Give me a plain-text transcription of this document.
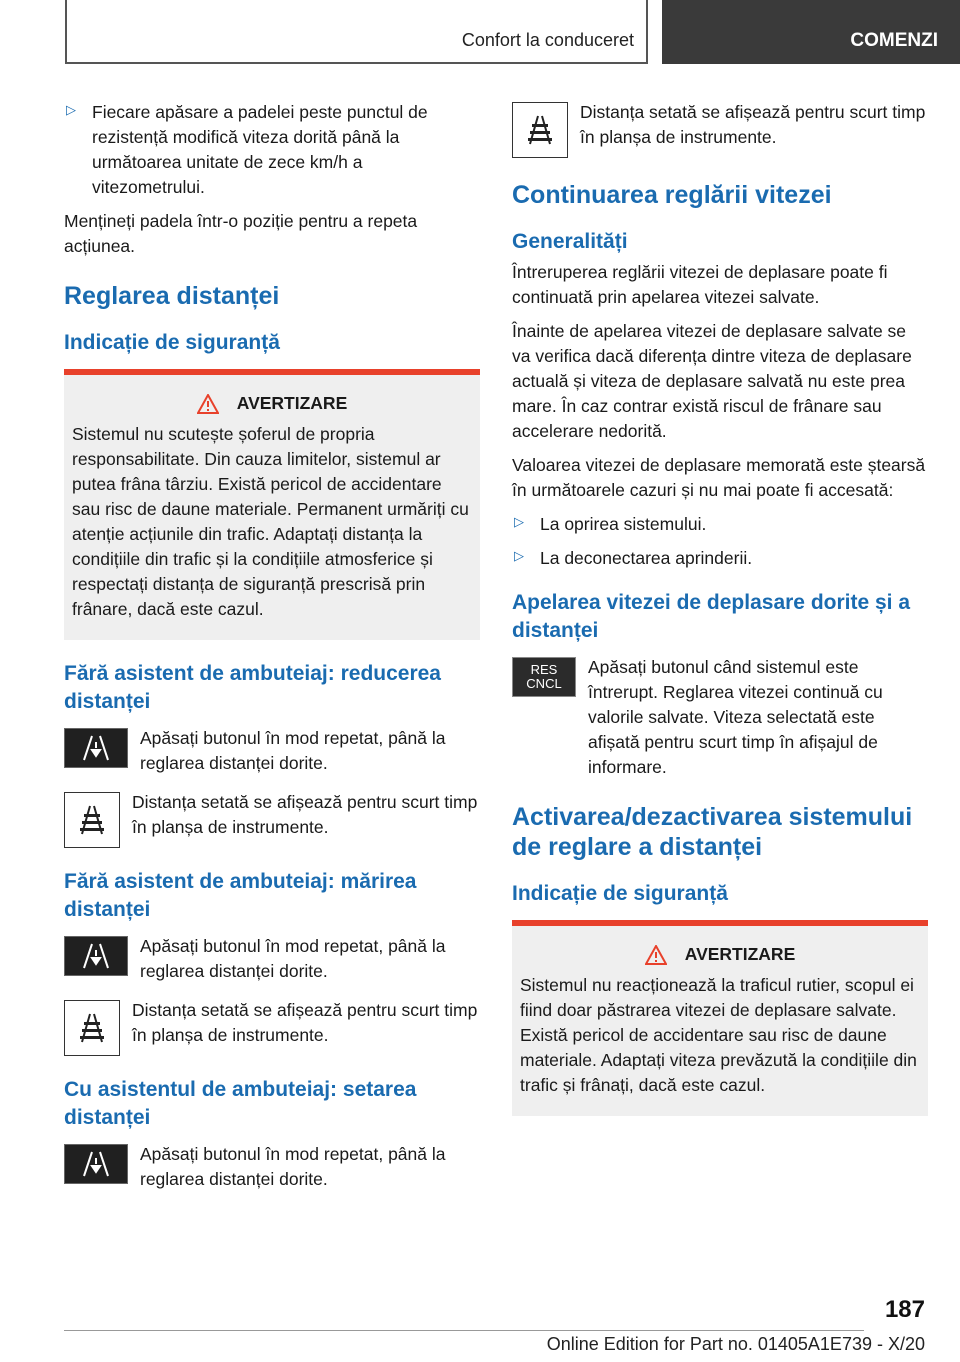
Confort la conduceret	COMENZI
▷ Fiecare apăsare a padelei peste punctul de rezistență modifică viteza dorită până la următoarea unitate de zece km/h a vitezometrului.

Mențineți padela într-o poziție pentru a repeta acțiunea.

Reglarea distanței
Indicație de siguranță
AVERTIZARE

Sistemul nu scutește șoferul de propria responsabilitate. Din cauza limitelor, sistemul ar putea frâna târziu. Există pericol de accidentare sau risc de daune materiale. Permanent urmăriți cu atenție acțiunile din trafic. Adaptați distanța la condițiile din trafic și la condițiile atmosferice și respectați distanța de siguranță prescrisă prin frânare, dacă este cazul.

Fără asistent de ambuteiaj: reducerea distanței

Apăsați butonul în mod repetat, până la reglarea distanței dorite.

Distanța setată se afișează pentru scurt timp în planșa de instrumente.

Fără asistent de ambuteiaj: mărirea distanței

Apăsați butonul în mod repetat, până la reglarea distanței dorite.

Distanța setată se afișează pentru scurt timp în planșa de instrumente.

Cu asistentul de ambuteiaj: setarea distanței

Apăsați butonul în mod repetat, până la reglarea distanței dorite.

Distanța setată se afișează pentru scurt timp în planșa de instrumente.

Continuarea reglării vitezei
Generalități

Întreruperea reglării vitezei de deplasare poate fi continuată prin apelarea vitezei salvate.

Înainte de apelarea vitezei de deplasare salvate se va verifica dacă diferența dintre viteza de deplasare actuală și viteza de deplasare salvată nu este prea mare. În caz contrar există riscul de frânare sau accelerare nedorită.

Valoarea vitezei de deplasare memorată este ștearsă în următoarele cazuri și nu mai poate fi accesată:

▷ La oprirea sistemului.

▷ La deconectarea aprinderii.

Apelarea vitezei de deplasare dorite și a distanței
RES
CNCL

Apăsați butonul când sistemul este întrerupt. Reglarea vitezei continuă cu valorile salvate. Viteza selectată este afișată pentru scurt timp în afișajul de informare.

Activarea/dezactivarea sistemului de reglare a distanței
Indicație de siguranță
AVERTIZARE

Sistemul nu reacționează la traficul rutier, scopul ei fiind doar păstrarea vitezei de deplasare salvate. Există pericol de accidentare sau risc de daune materiale. Adaptați viteza prevăzută la condițiile din trafic și frânați, dacă este cazul.

187
Online Edition for Part no. 01405A1E739 - X/20
